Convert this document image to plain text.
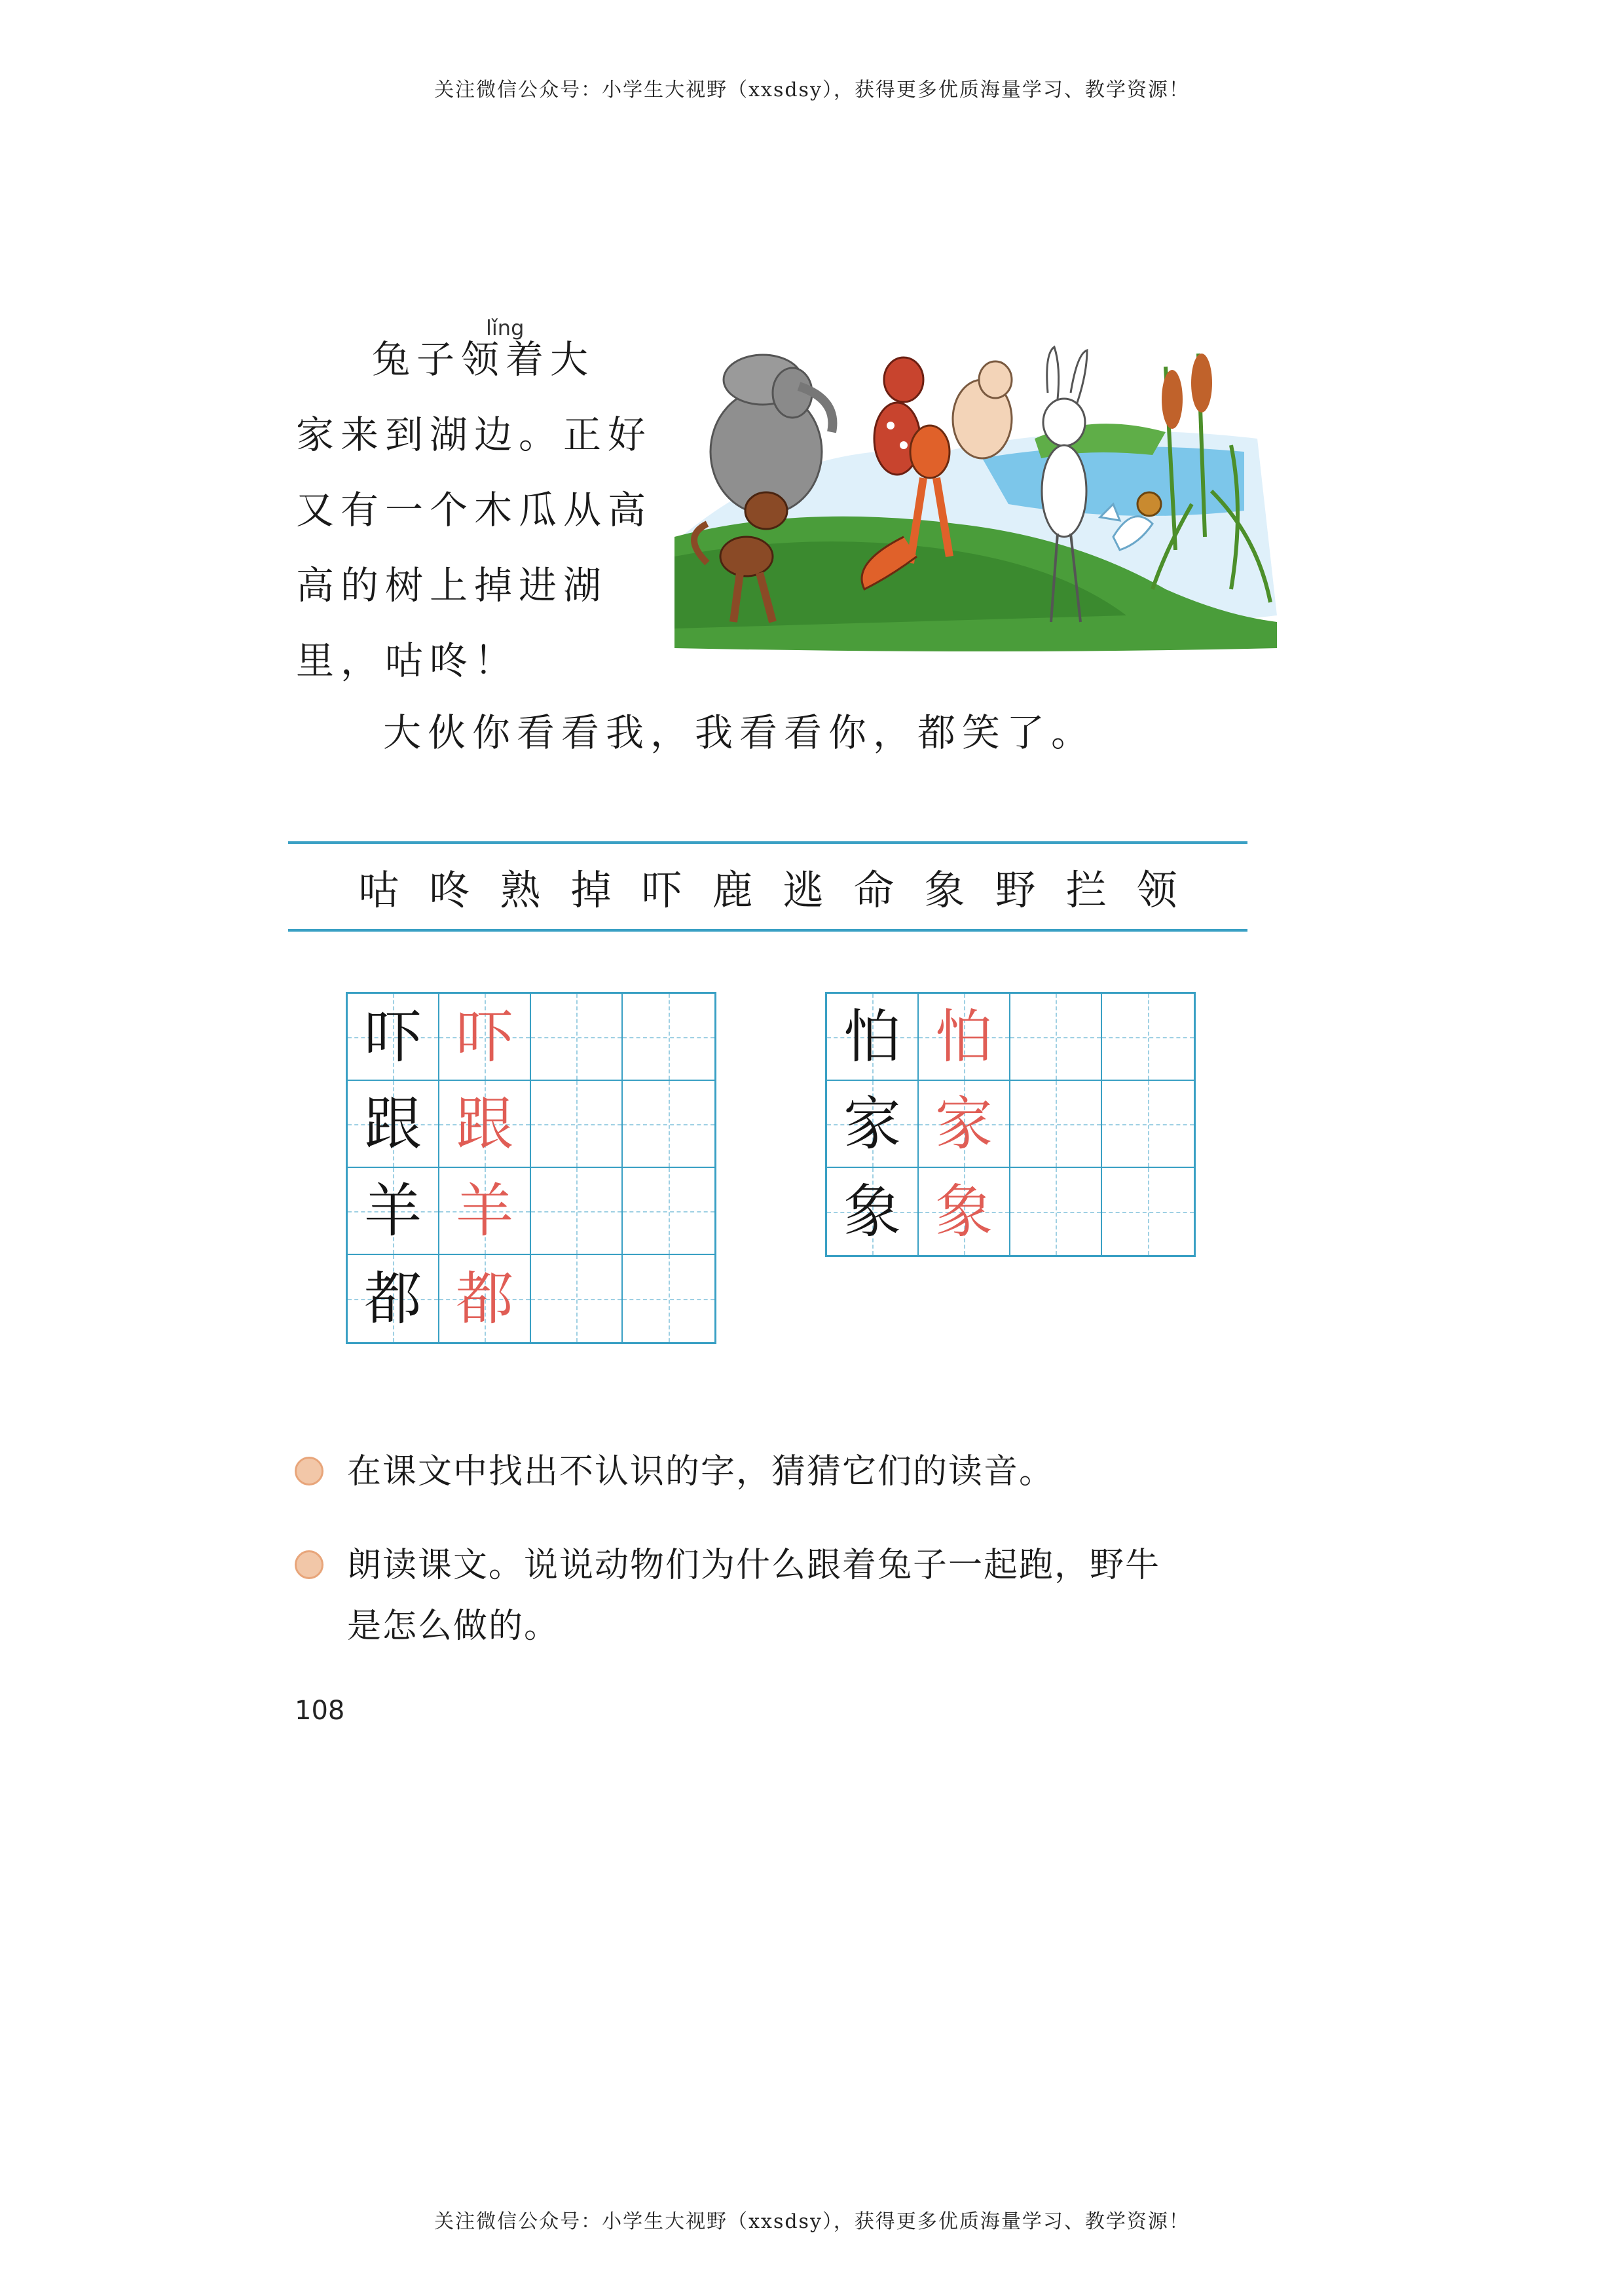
关注微信公众号：小学生大视野（xxsdsy），获得更多优质海量学习、教学资源！
lǐng
兔子领着大
家来到湖边。正好
又有一个木瓜从高
高的树上掉进湖
里，咕咚！
大伙你看看我，我看看你，都笑了。
咕 咚 熟 掉 吓 鹿 逃 命 象 野 拦 领
吓 吓
跟 跟
羊 羊
都 都
怕 怕
家 家
象 象
在课文中找出不认识的字，猜猜它们的读音。
朗读课文。说说动物们为什么跟着兔子一起跑，野牛
是怎么做的。
108
关注微信公众号：小学生大视野（xxsdsy），获得更多优质海量学习、教学资源！
